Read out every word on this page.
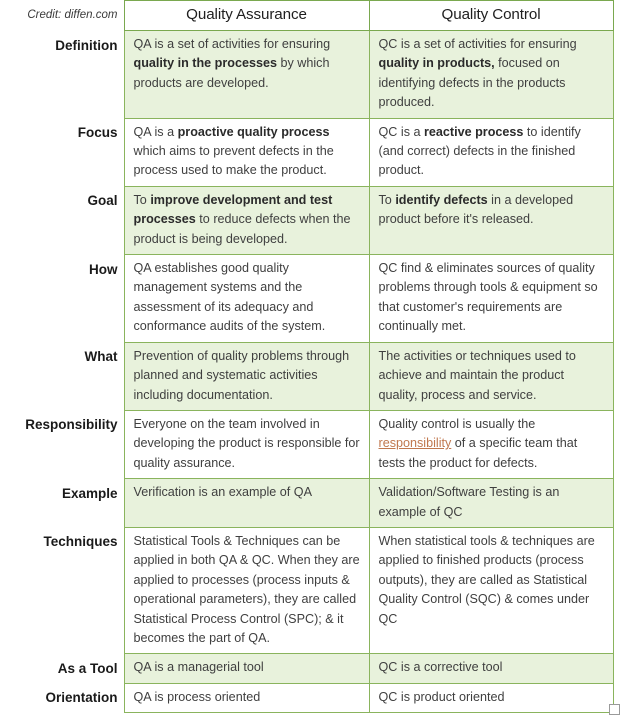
Credit: diffen.com	Quality Assurance	Quality Control
Definition	QA is a set of activities for ensuring quality in the processes by which products are developed.	QC is a set of activities for ensuring quality in products, focused on identifying defects in the products produced.
Focus	QA is a proactive quality process which aims to prevent defects in the process used to make the product.	QC is a reactive process to identify (and correct) defects in the finished product.
Goal	To improve development and test processes to reduce defects when the product is being developed.	To identify defects in a developed product before it's released.
How	QA establishes good quality management systems and the assessment of its adequacy and conformance audits of the system.	QC find & eliminates sources of quality problems through tools & equipment so that customer's requirements are continually met.
What	Prevention of quality problems through planned and systematic activities including documentation.	The activities or techniques used to achieve and maintain the product quality, process and service.
Responsibility	Everyone on the team involved in developing the product is responsible for quality assurance.	Quality control is usually the responsibility of a specific team that tests the product for defects.
Example	Verification is an example of QA	Validation/Software Testing is an example of QC
Techniques	Statistical Tools & Techniques can be applied in both QA & QC. When they are applied to processes (process inputs & operational parameters), they are called Statistical Process Control (SPC); & it becomes the part of QA.	When statistical tools & techniques are applied to finished products (process outputs), they are called as Statistical Quality Control (SQC) & comes under QC
As a Tool	QA is a managerial tool	QC is a corrective tool
Orientation	QA is process oriented	QC is product oriented
